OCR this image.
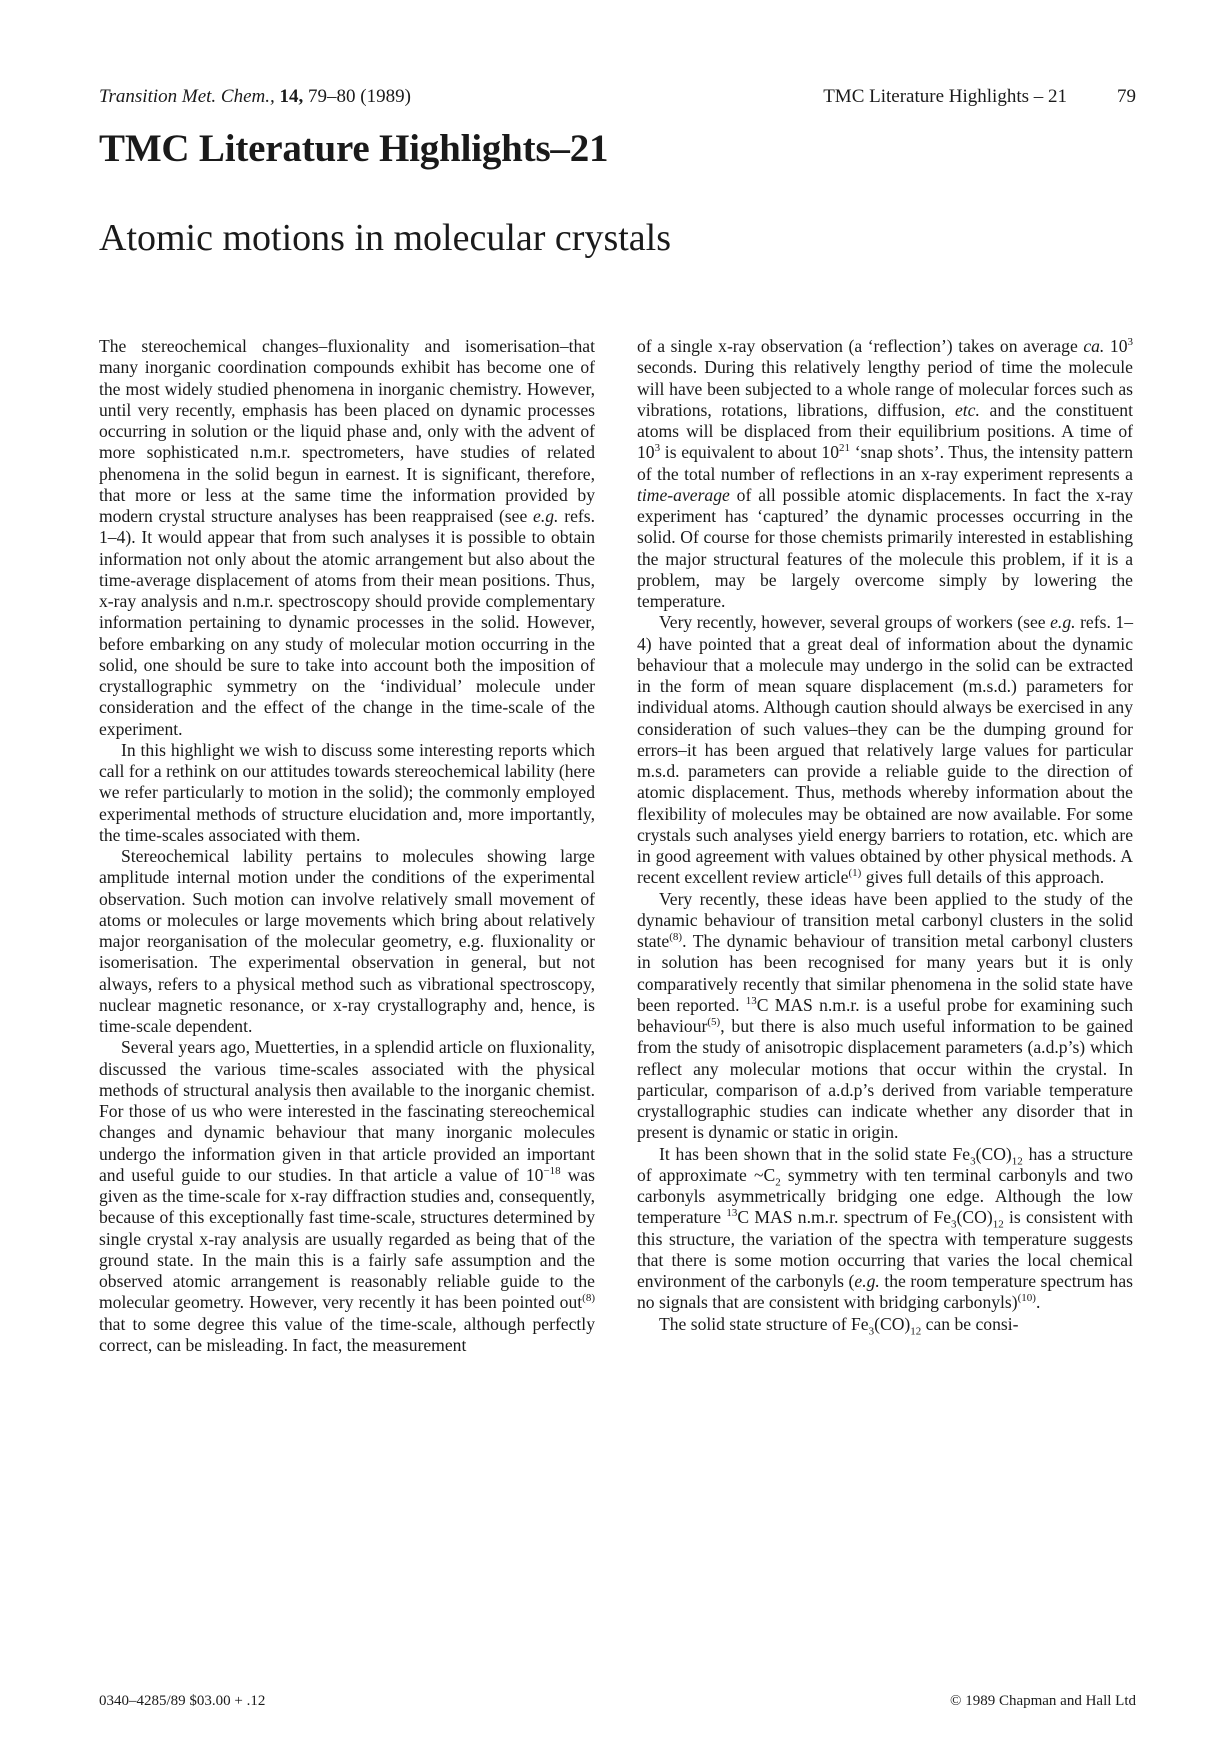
Transition Met. Chem., 14, 79–80 (1989)	TMC Literature Highlights – 21	79
TMC Literature Highlights–21
Atomic motions in molecular crystals

The stereochemical changes–fluxionality and isomerisation–that many inorganic coordination compounds exhibit has become one of the most widely studied phenomena in inorganic chemistry. However, until very recently, emphasis has been placed on dynamic processes occurring in solution or the liquid phase and, only with the advent of more sophisticated n.m.r. spectrometers, have studies of related phenomena in the solid begun in earnest. It is significant, therefore, that more or less at the same time the information provided by modern crystal structure analyses has been reappraised (see e.g. refs. 1–4). It would appear that from such analyses it is possible to obtain information not only about the atomic arrangement but also about the time-average displacement of atoms from their mean positions. Thus, x-ray analysis and n.m.r. spectroscopy should provide complementary information pertaining to dynamic processes in the solid. However, before embarking on any study of molecular motion occurring in the solid, one should be sure to take into account both the imposition of crystallographic symmetry on the ‘individual’ molecule under consideration and the effect of the change in the time-scale of the experiment.

In this highlight we wish to discuss some interesting reports which call for a rethink on our attitudes towards stereochemical lability (here we refer particularly to motion in the solid); the commonly employed experimental methods of structure elucidation and, more importantly, the time-scales associated with them.

Stereochemical lability pertains to molecules showing large amplitude internal motion under the conditions of the experimental observation. Such motion can involve relatively small movement of atoms or molecules or large movements which bring about relatively major reorganisation of the molecular geometry, e.g. fluxionality or isomerisation. The experimental observation in general, but not always, refers to a physical method such as vibrational spectroscopy, nuclear magnetic resonance, or x-ray crystallography and, hence, is time-scale dependent.

Several years ago, Muetterties, in a splendid article on fluxionality, discussed the various time-scales associated with the physical methods of structural analysis then available to the inorganic chemist. For those of us who were interested in the fascinating stereochemical changes and dynamic behaviour that many inorganic molecules undergo the information given in that article provided an important and useful guide to our studies. In that article a value of $10^{-18}$ was given as the time-scale for x-ray diffraction studies and, consequently, because of this exceptionally fast time-scale, structures determined by single crystal x-ray analysis are usually regarded as being that of the ground state. In the main this is a fairly safe assumption and the observed atomic arrangement is reasonably reliable guide to the molecular geometry. However, very recently it has been pointed out$^{(8)}$ that to some degree this value of the time-scale, although perfectly correct, can be misleading. In fact, the measurement

of a single x-ray observation (a ‘reflection’) takes on average ca. $10^3$ seconds. During this relatively lengthy period of time the molecule will have been subjected to a whole range of molecular forces such as vibrations, rotations, librations, diffusion, etc. and the constituent atoms will be displaced from their equilibrium positions. A time of $10^3$ is equivalent to about $10^{21}$ ‘snap shots’. Thus, the intensity pattern of the total number of reflections in an x-ray experiment represents a time-average of all possible atomic displacements. In fact the x-ray experiment has ‘captured’ the dynamic processes occurring in the solid. Of course for those chemists primarily interested in establishing the major structural features of the molecule this problem, if it is a problem, may be largely overcome simply by lowering the temperature.

Very recently, however, several groups of workers (see e.g. refs. 1–4) have pointed that a great deal of information about the dynamic behaviour that a molecule may undergo in the solid can be extracted in the form of mean square displacement (m.s.d.) parameters for individual atoms. Although caution should always be exercised in any consideration of such values–they can be the dumping ground for errors–it has been argued that relatively large values for particular m.s.d. parameters can provide a reliable guide to the direction of atomic displacement. Thus, methods whereby information about the flexibility of molecules may be obtained are now available. For some crystals such analyses yield energy barriers to rotation, etc. which are in good agreement with values obtained by other physical methods. A recent excellent review article$^{(1)}$ gives full details of this approach.

Very recently, these ideas have been applied to the study of the dynamic behaviour of transition metal carbonyl clusters in the solid state$^{(8)}$. The dynamic behaviour of transition metal carbonyl clusters in solution has been recognised for many years but it is only comparatively recently that similar phenomena in the solid state have been reported. $^{13}$C MAS n.m.r. is a useful probe for examining such behaviour$^{(5)}$, but there is also much useful information to be gained from the study of anisotropic displacement parameters (a.d.p’s) which reflect any molecular motions that occur within the crystal. In particular, comparison of a.d.p’s derived from variable temperature crystallographic studies can indicate whether any disorder that in present is dynamic or static in origin.

It has been shown that in the solid state $Fe_3(CO)_{12}$ has a structure of approximate $\sim C_2$ symmetry with ten terminal carbonyls and two carbonyls asymmetrically bridging one edge. Although the low temperature $^{13}$C MAS n.m.r. spectrum of $Fe_3(CO)_{12}$ is consistent with this structure, the variation of the spectra with temperature suggests that there is some motion occurring that varies the local chemical environment of the carbonyls (e.g. the room temperature spectrum has no signals that are consistent with bridging carbonyls)$^{(10)}$.

The solid state structure of $Fe_3(CO)_{12}$ can be consi-

0340–4285/89 $03.00 + .12	© 1989 Chapman and Hall Ltd
